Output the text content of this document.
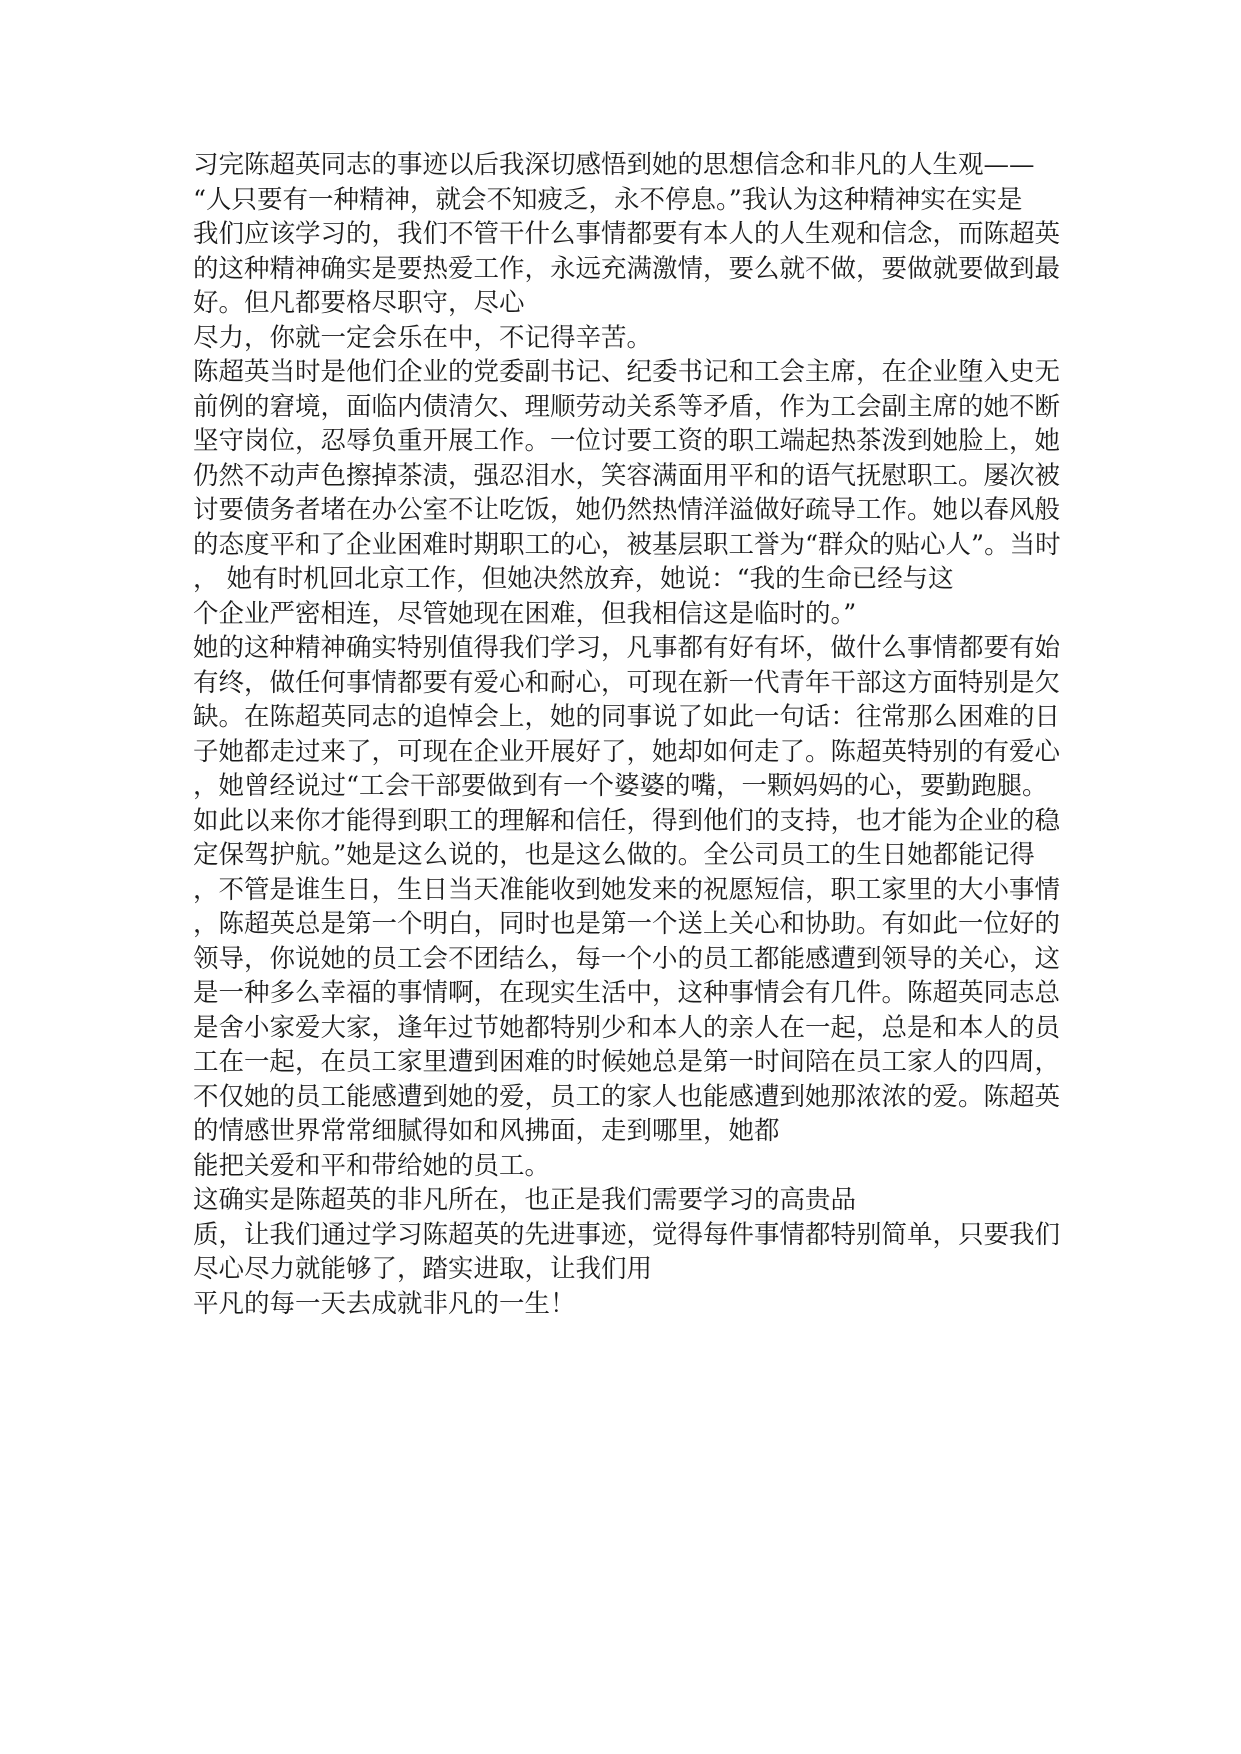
习完陈超英同志的事迹以后我深切感悟到她的思想信念和非凡的人生观——
“人只要有一种精神，就会不知疲乏，永不停息。”我认为这种精神实在实是
我们应该学习的，我们不管干什么事情都要有本人的人生观和信念，而陈超英
的这种精神确实是要热爱工作，永远充满激情，要么就不做，要做就要做到最
好。但凡都要格尽职守，尽心
尽力，你就一定会乐在中，不记得辛苦。
陈超英当时是他们企业的党委副书记、纪委书记和工会主席，在企业堕入史无
前例的窘境，面临内债清欠、理顺劳动关系等矛盾，作为工会副主席的她不断
坚守岗位，忍辱负重开展工作。一位讨要工资的职工端起热茶泼到她脸上，她
仍然不动声色擦掉茶渍，强忍泪水，笑容满面用平和的语气抚慰职工。屡次被
讨要债务者堵在办公室不让吃饭，她仍然热情洋溢做好疏导工作。她以春风般
的态度平和了企业困难时期职工的心，被基层职工誉为“群众的贴心人”。当时
， 她有时机回北京工作，但她决然放弃，她说：“我的生命已经与这
个企业严密相连，尽管她现在困难，但我相信这是临时的。”
她的这种精神确实特别值得我们学习，凡事都有好有坏，做什么事情都要有始
有终，做任何事情都要有爱心和耐心，可现在新一代青年干部这方面特别是欠
缺。在陈超英同志的追悼会上，她的同事说了如此一句话：往常那么困难的日
子她都走过来了，可现在企业开展好了，她却如何走了。陈超英特别的有爱心
，她曾经说过“工会干部要做到有一个婆婆的嘴，一颗妈妈的心，要勤跑腿。
如此以来你才能得到职工的理解和信任，得到他们的支持，也才能为企业的稳
定保驾护航。”她是这么说的，也是这么做的。全公司员工的生日她都能记得
，不管是谁生日，生日当天准能收到她发来的祝愿短信，职工家里的大小事情
，陈超英总是第一个明白，同时也是第一个送上关心和协助。有如此一位好的
领导，你说她的员工会不团结么，每一个小的员工都能感遭到领导的关心，这
是一种多么幸福的事情啊，在现实生活中，这种事情会有几件。陈超英同志总
是舍小家爱大家，逢年过节她都特别少和本人的亲人在一起，总是和本人的员
工在一起，在员工家里遭到困难的时候她总是第一时间陪在员工家人的四周，
不仅她的员工能感遭到她的爱，员工的家人也能感遭到她那浓浓的爱。陈超英
的情感世界常常细腻得如和风拂面，走到哪里，她都
能把关爱和平和带给她的员工。
这确实是陈超英的非凡所在，也正是我们需要学习的高贵品
质，让我们通过学习陈超英的先进事迹，觉得每件事情都特别简单，只要我们
尽心尽力就能够了，踏实进取，让我们用
平凡的每一天去成就非凡的一生！
